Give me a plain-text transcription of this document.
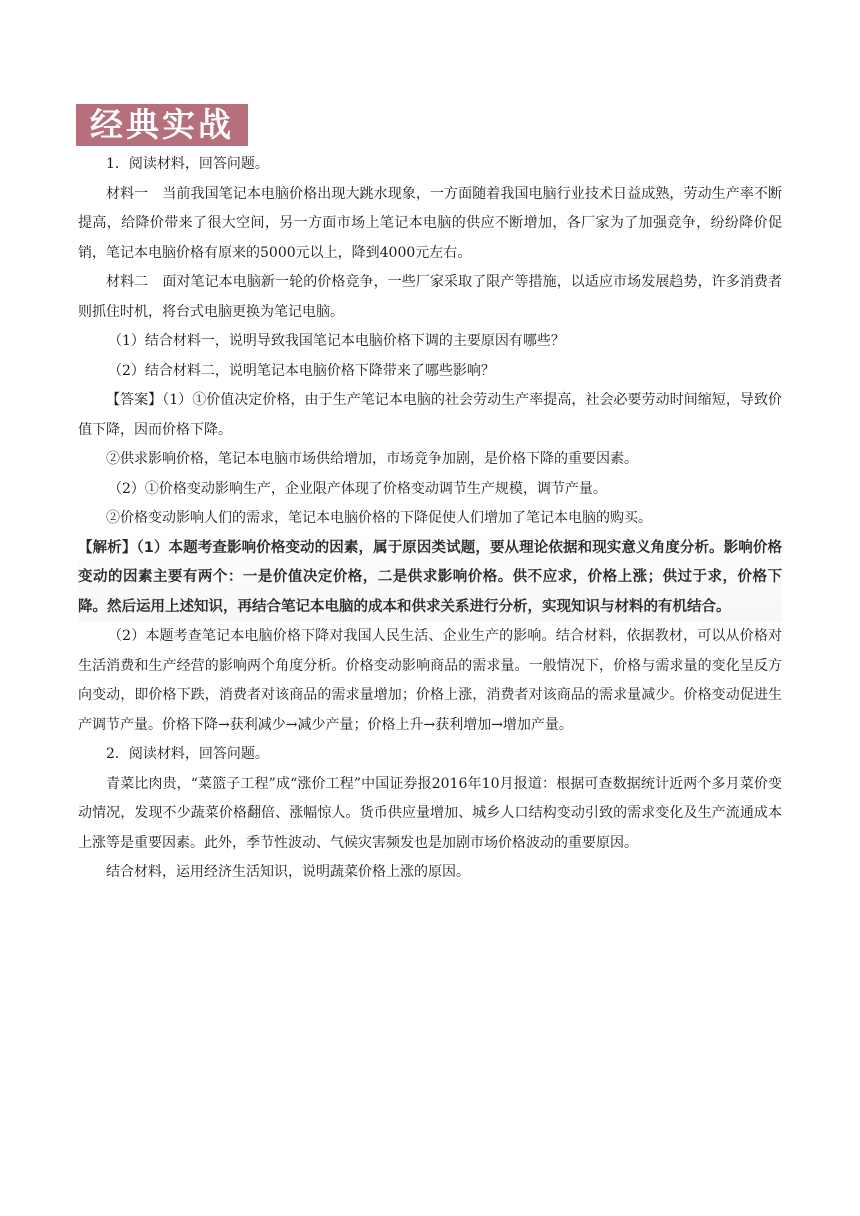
经典实战

1．阅读材料，回答问题。

材料一　当前我国笔记本电脑价格出现大跳水现象，一方面随着我国电脑行业技术日益成熟，劳动生产率不断提高，给降价带来了很大空间，另一方面市场上笔记本电脑的供应不断增加，各厂家为了加强竞争，纷纷降价促销，笔记本电脑价格有原来的5000元以上，降到4000元左右。

材料二　面对笔记本电脑新一轮的价格竞争，一些厂家采取了限产等措施，以适应市场发展趋势，许多消费者则抓住时机，将台式电脑更换为笔记电脑。

（1）结合材料一，说明导致我国笔记本电脑价格下调的主要原因有哪些？

（2）结合材料二，说明笔记本电脑价格下降带来了哪些影响？

【答案】（1）①价值决定价格，由于生产笔记本电脑的社会劳动生产率提高，社会必要劳动时间缩短，导致价值下降，因而价格下降。

②供求影响价格，笔记本电脑市场供给增加，市场竞争加剧，是价格下降的重要因素。

（2）①价格变动影响生产，企业限产体现了价格变动调节生产规模，调节产量。

②价格变动影响人们的需求，笔记本电脑价格的下降促使人们增加了笔记本电脑的购买。

【解析】（1）本题考查影响价格变动的因素，属于原因类试题，要从理论依据和现实意义角度分析。影响价格变动的因素主要有两个：一是价值决定价格，二是供求影响价格。供不应求，价格上涨；供过于求，价格下降。然后运用上述知识，再结合笔记本电脑的成本和供求关系进行分析，实现知识与材料的有机结合。

（2）本题考查笔记本电脑价格下降对我国人民生活、企业生产的影响。结合材料，依据教材，可以从价格对生活消费和生产经营的影响两个角度分析。价格变动影响商品的需求量。一般情况下，价格与需求量的变化呈反方向变动，即价格下跌，消费者对该商品的需求量增加；价格上涨，消费者对该商品的需求量减少。价格变动促进生产调节产量。价格下降→获利减少→减少产量；价格上升→获利增加→增加产量。

2．阅读材料，回答问题。

青菜比肉贵，“菜篮子工程”成“涨价工程”中国证券报2016年10月报道：根据可查数据统计近两个多月菜价变动情况，发现不少蔬菜价格翻倍、涨幅惊人。货币供应量增加、城乡人口结构变动引致的需求变化及生产流通成本上涨等是重要因素。此外，季节性波动、气候灾害频发也是加剧市场价格波动的重要原因。

结合材料，运用经济生活知识，说明蔬菜价格上涨的原因。
